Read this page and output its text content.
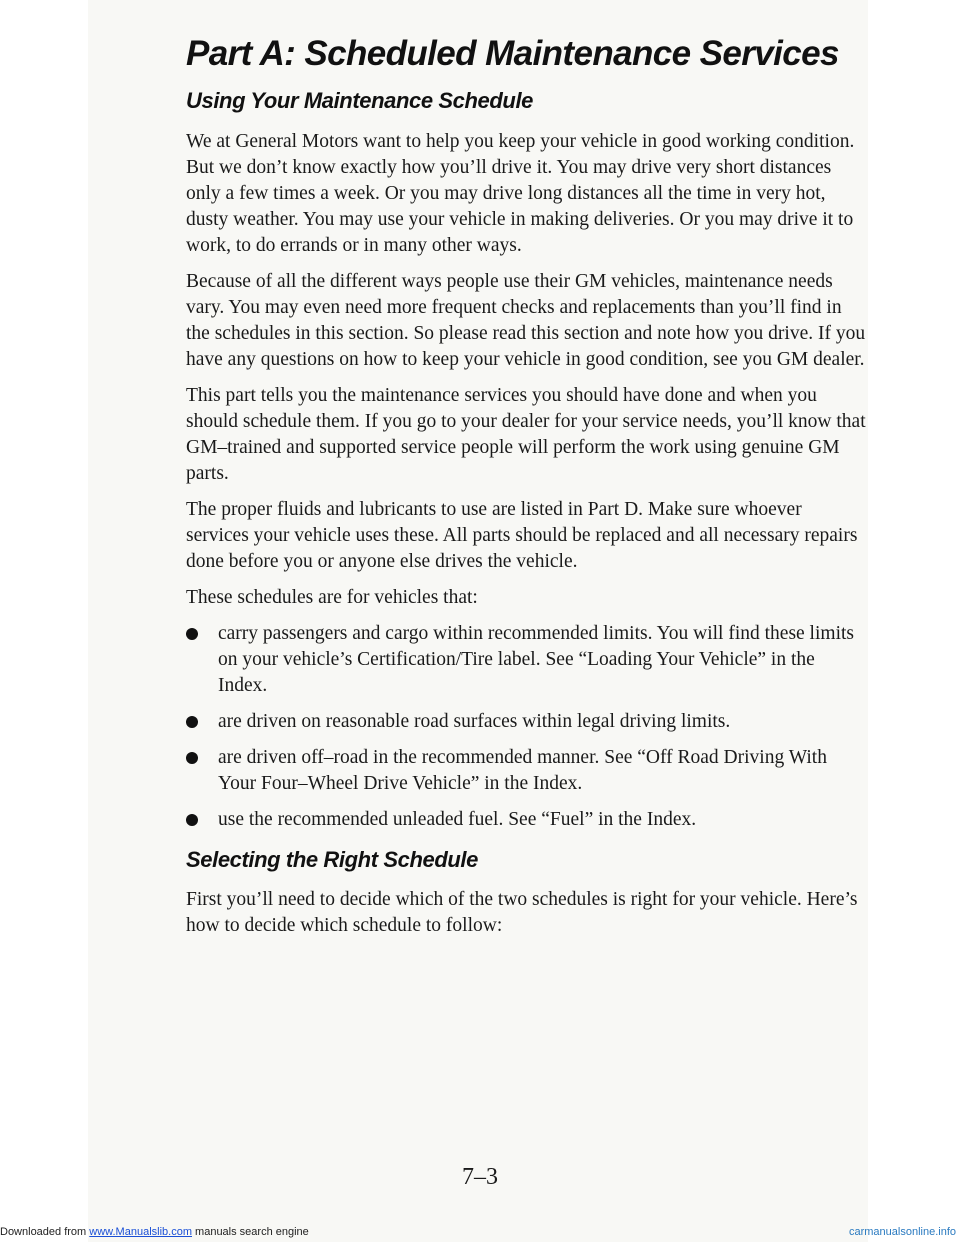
Part A: Scheduled Maintenance Services
Using Your Maintenance Schedule

We at General Motors want to help you keep your vehicle in good working condition. But we don’t know exactly how you’ll drive it. You may drive very short distances only a few times a week. Or you may drive long distances all the time in very hot, dusty weather. You may use your vehicle in making deliveries. Or you may drive it to work, to do errands or in many other ways.

Because of all the different ways people use their GM vehicles, maintenance needs vary. You may even need more frequent checks and replacements than you’ll find in the schedules in this section. So please read this section and note how you drive. If you have any questions on how to keep your vehicle in good condition, see you GM dealer.

This part tells you the maintenance services you should have done and when you should schedule them. If you go to your dealer for your service needs, you’ll know that GM–trained and supported service people will perform the work using genuine GM parts.

The proper fluids and lubricants to use are listed in Part D. Make sure whoever services your vehicle uses these. All parts should be replaced and all necessary repairs done before you or anyone else drives the vehicle.

These schedules are for vehicles that:

carry passengers and cargo within recommended limits. You will find these limits on your vehicle’s Certification/Tire label. See “Loading Your Vehicle” in the Index.
are driven on reasonable road surfaces within legal driving limits.
are driven off–road in the recommended manner. See “Off Road Driving With Your Four–Wheel Drive Vehicle” in the Index.
use the recommended unleaded fuel. See “Fuel” in the Index.
Selecting the Right Schedule

First you’ll need to decide which of the two schedules is right for your vehicle. Here’s how to decide which schedule to follow:

7–3
Downloaded from www.Manualslib.com manuals search engine	carmanualsonline.info
